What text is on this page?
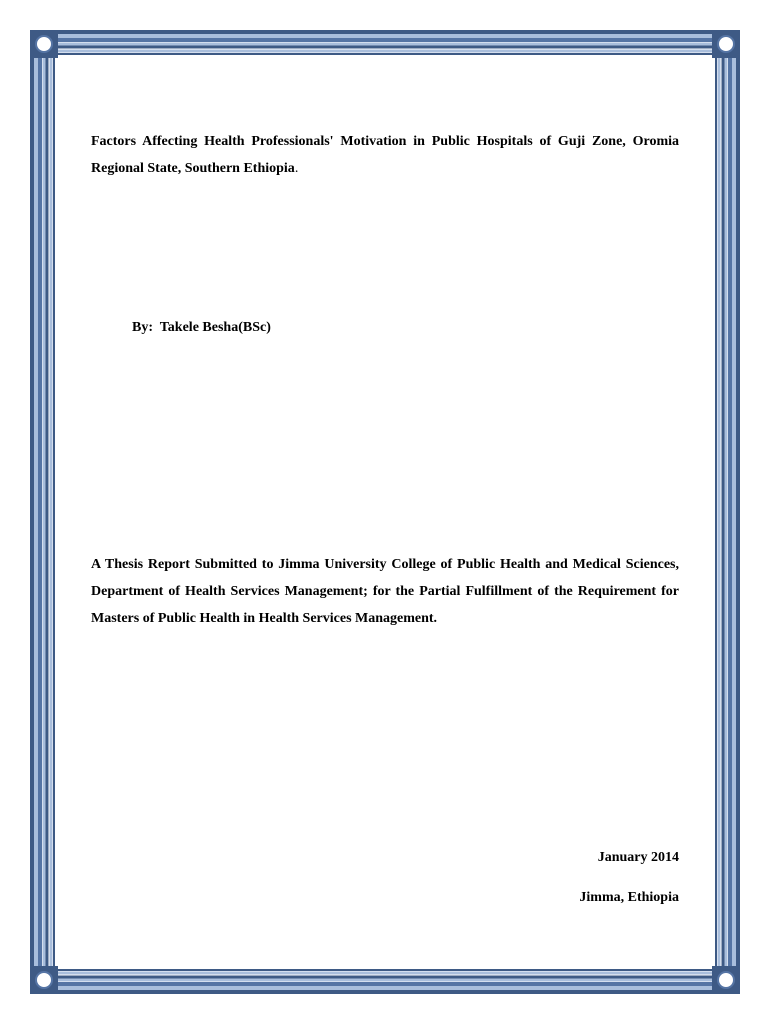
Factors Affecting Health Professionals' Motivation in Public Hospitals of Guji Zone, Oromia Regional State, Southern Ethiopia.

By:  Takele Besha(BSc)

A Thesis Report Submitted to Jimma University College of Public Health and Medical Sciences, Department of Health Services Management; for the Partial Fulfillment of the Requirement for Masters of Public Health in Health Services Management.

January 2014

Jimma, Ethiopia
